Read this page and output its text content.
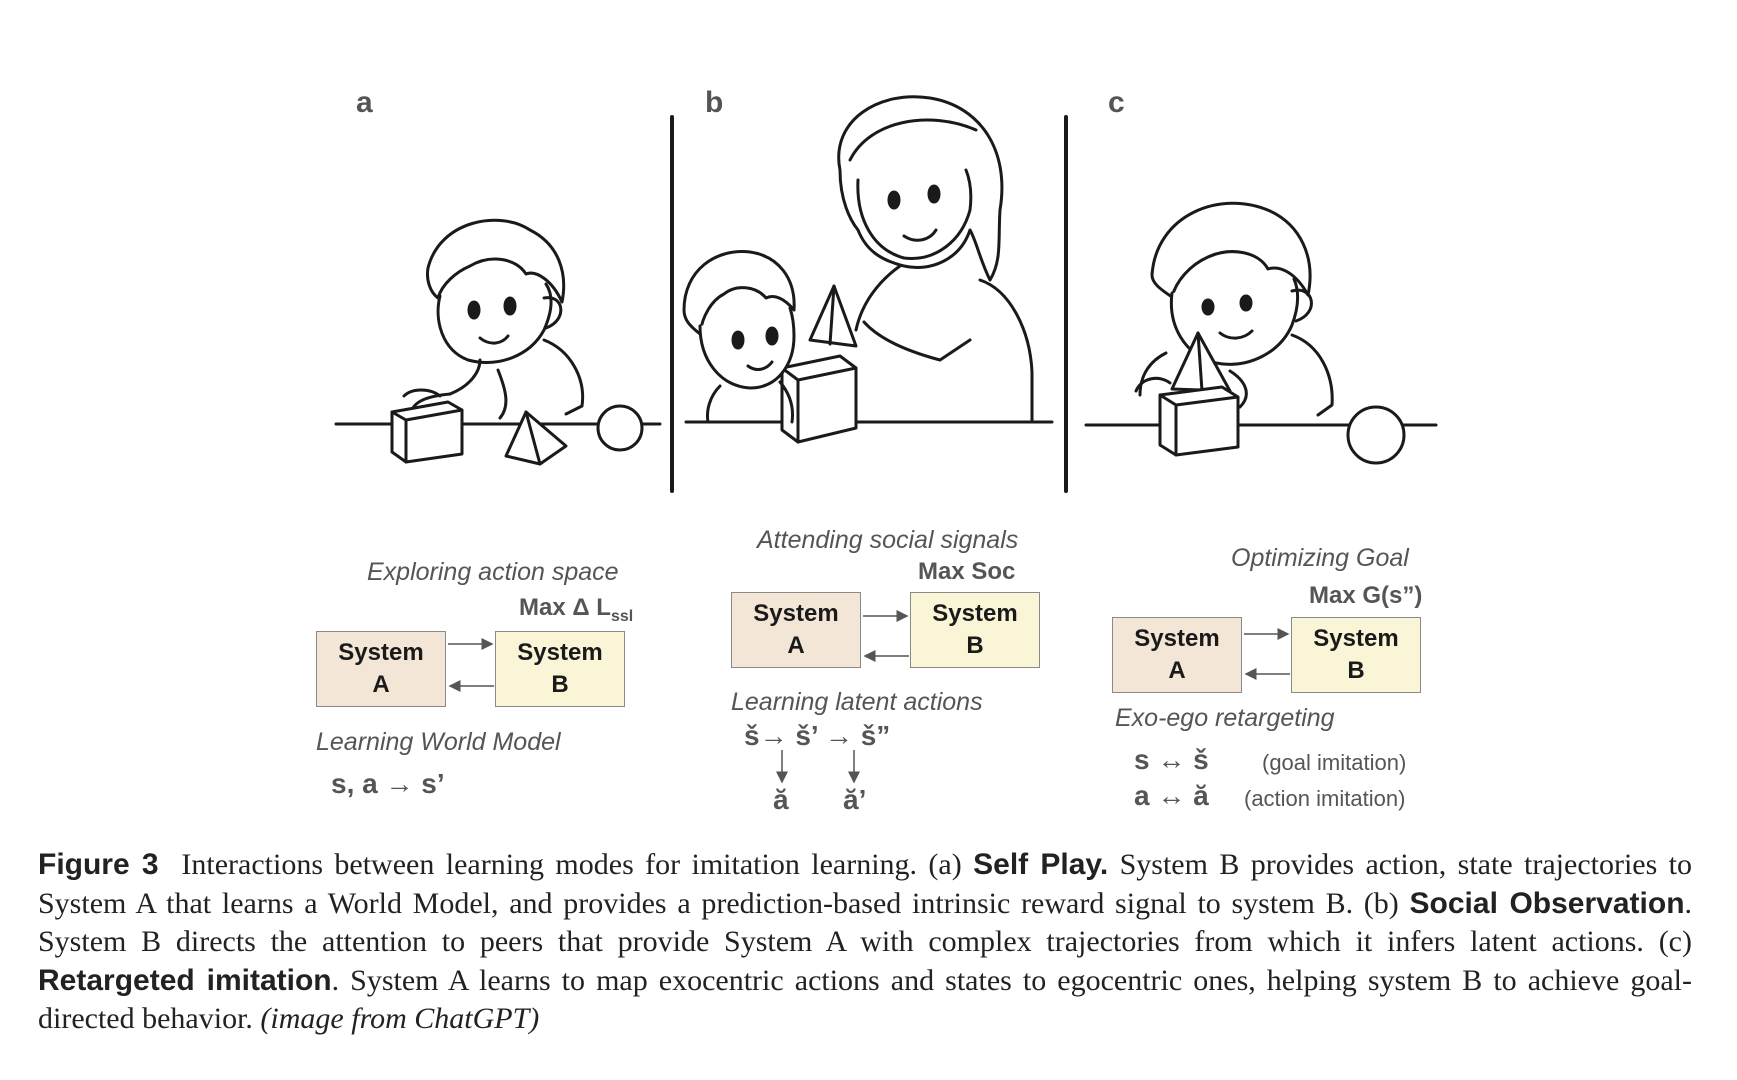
a	b	c
Exploring action space
Max Δ $L_{ssl}$
System
A
System
B
Learning World Model
s, a → s’
Attending social signals
Max Soc
System
A
System
B
Learning latent actions
š→ š’ → š”
ă ă’
Optimizing Goal
Max G(s”)
System
A
System
B
Exo-ego retargeting
s ↔ š (goal imitation)
a ↔ ă (action imitation)
Figure 3 Interactions between learning modes for imitation learning. (a) Self Play. System B provides action, state trajectories to System A that learns a World Model, and provides a prediction-based intrinsic reward signal to system B. (b) Social Observation. System B directs the attention to peers that provide System A with complex trajectories from which it infers latent actions. (c) Retargeted imitation. System A learns to map exocentric actions and states to egocentric ones, helping system B to achieve goal-directed behavior. (image from ChatGPT)
